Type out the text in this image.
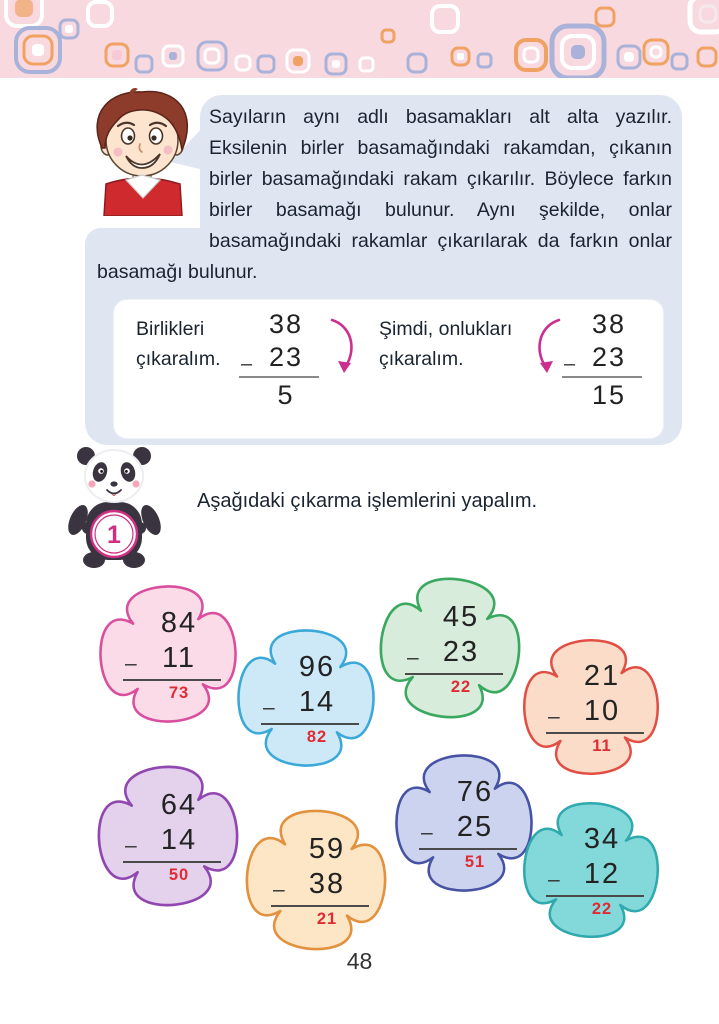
Sayıların aynı adlı basamakları alt alta yazılır. Eksilenin birler basamağındaki rakamdan, çıkanın birler basamağındaki rakam çıkarılır. Böylece farkın birler basamağı bulunur. Aynı şekilde, onlar basamağındaki rakamlar çıkarılarak da farkın onlar basamağı bulunur.
Birlikleri çıkaralım.
38
– 23
5
Şimdi, onlukları çıkaralım.
38
– 23
15
1
Aşağıdaki çıkarma işlemlerini yapalım.
84
– 11
73
96
– 14
82
45
– 23
22	21
– 10
11
64
– 14
50
59
– 38
21
76
– 25
51
34
– 12
22
48
